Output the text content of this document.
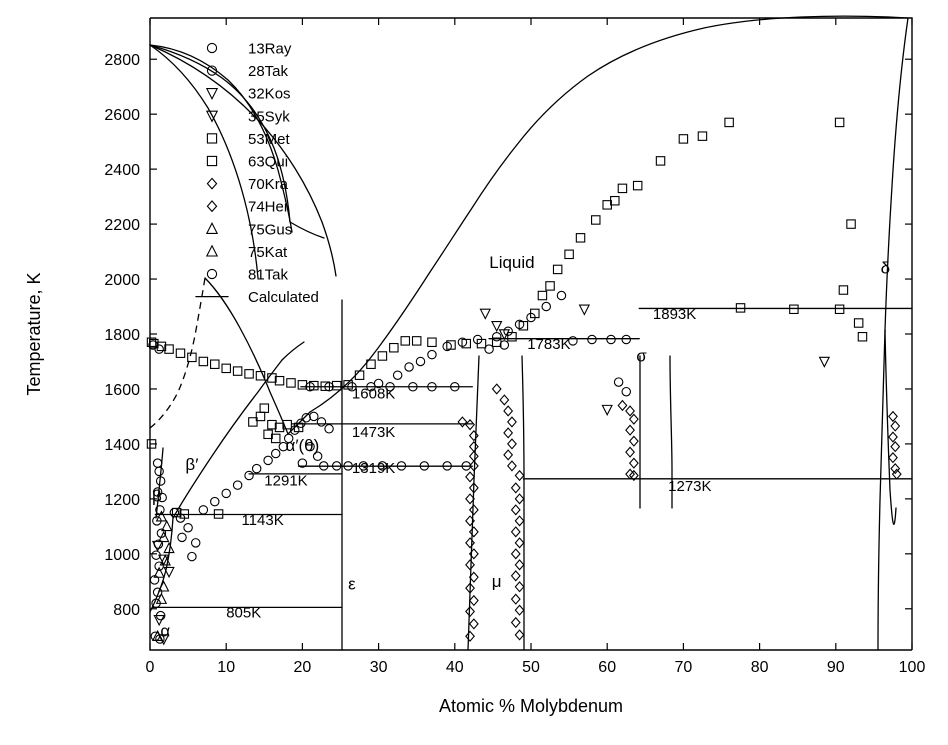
0	10	20	30	40	50	60	70	80	90	100
800
1000
1200
1400
1600
1800
2000
2200
2400
2600
2800
Liquid	δ
σ
μ
ε
α′(θ)
β′
β
α
1893K
1783K
1608K
1473K
1319K
1291K	1273K
1143K
805K
13Ray
28Tak
32Kos
35Syk
53Met
63Qui
70Kra
74Hei
75Gus
75Kat
81Tak
Calculated
Atomic % Molybdenum
Temperature, K
